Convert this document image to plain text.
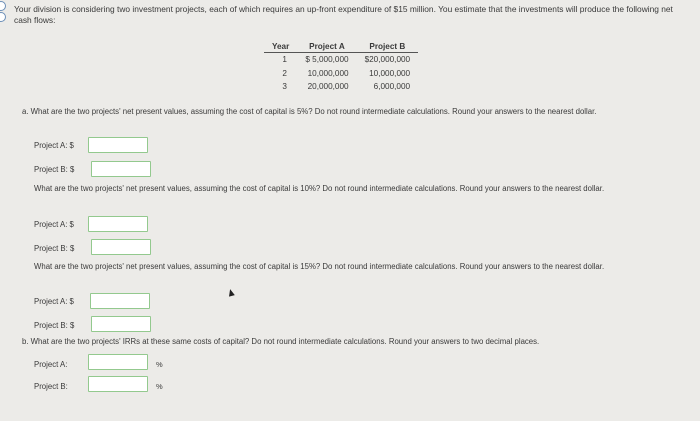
Your division is considering two investment projects, each of which requires an up-front expenditure of $15 million. You estimate that the investments will produce the following net cash flows:
Year	Project A	Project B
1	$ 5,000,000	$20,000,000
2	10,000,000	10,000,000
3	20,000,000	6,000,000
a. What are the two projects' net present values, assuming the cost of capital is 5%? Do not round intermediate calculations. Round your answers to the nearest dollar.
Project A: $
Project B: $
What are the two projects' net present values, assuming the cost of capital is 10%? Do not round intermediate calculations. Round your answers to the nearest dollar.
Project A: $
Project B: $
What are the two projects' net present values, assuming the cost of capital is 15%? Do not round intermediate calculations. Round your answers to the nearest dollar.
Project A: $
Project B: $
b. What are the two projects' IRRs at these same costs of capital? Do not round intermediate calculations. Round your answers to two decimal places.
Project A:	%
Project B:	%
